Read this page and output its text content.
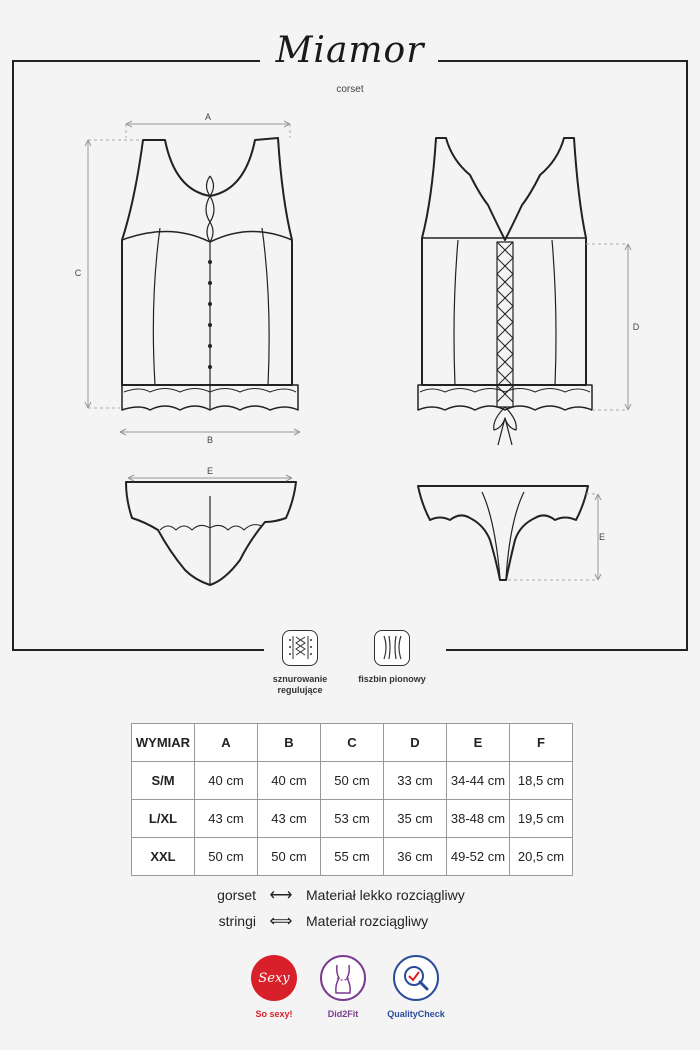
Miamor
corset
A
B
C
D
E
E
sznurowanie regulujące
fiszbin pionowy
WYMIAR	A	B	C	D	E	F
S/M	40 cm	40 cm	50 cm	33 cm	34-44 cm	18,5 cm
L/XL	43 cm	43 cm	53 cm	35 cm	38-48 cm	19,5 cm
XXL	50 cm	50 cm	55 cm	36 cm	49-52 cm	20,5 cm
gorset ⟷ Materiał lekko rozciągliwy
stringi ⟺ Materiał rozciągliwy
Sexy
So sexy!	Did2Fit	QualityCheck
